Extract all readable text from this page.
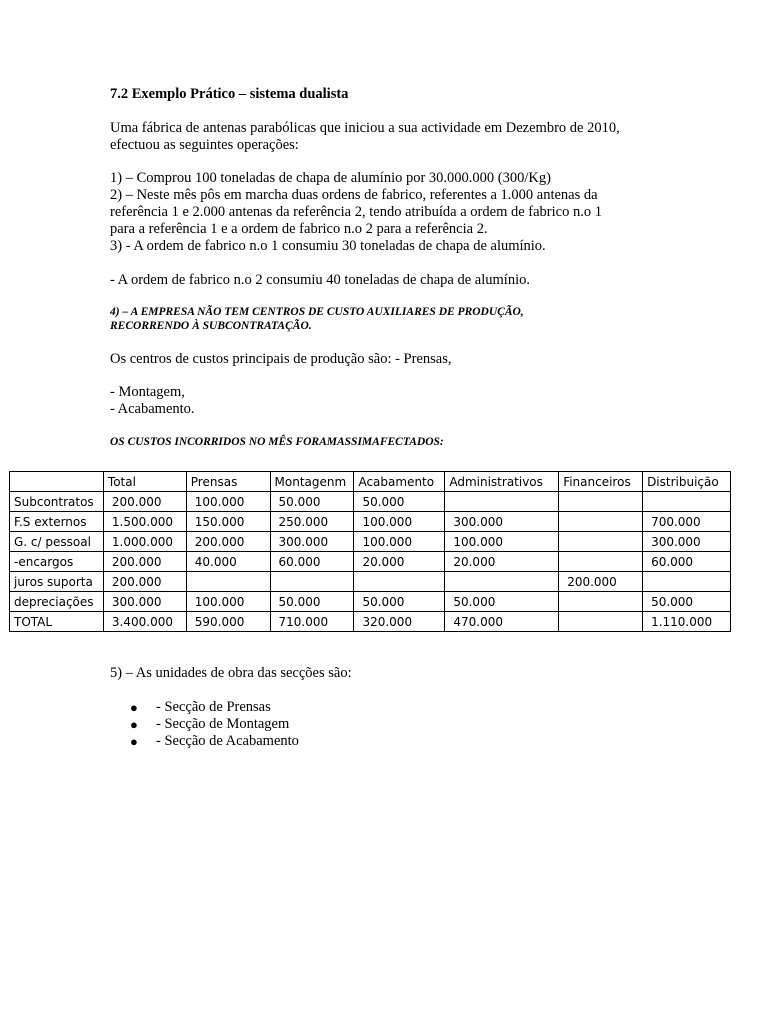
7.2 Exemplo Prático – sistema dualista
Uma fábrica de antenas parabólicas que iniciou a sua actividade em Dezembro de 2010,
efectuou as seguintes operações:
1) – Comprou 100 toneladas de chapa de alumínio por 30.000.000 (300/Kg)
2) – Neste mês pôs em marcha duas ordens de fabrico, referentes a 1.000 antenas da
referência 1 e 2.000 antenas da referência 2, tendo atribuída a ordem de fabrico n.o 1
para a referência 1 e a ordem de fabrico n.o 2 para a referência 2.
3) - A ordem de fabrico n.o 1 consumiu 30 toneladas de chapa de alumínio.
- A ordem de fabrico n.o 2 consumiu 40 toneladas de chapa de alumínio.
4) – A EMPRESA NÃO TEM CENTROS DE CUSTO AUXILIARES DE PRODUÇÃO,
RECORRENDO À SUBCONTRATAÇÃO.
Os centros de custos principais de produção são: - Prensas,
- Montagem,
- Acabamento.
OS CUSTOS INCORRIDOS NO MÊS FORAMASSIMAFECTADOS:
	Total	Prensas	Montagenm	Acabamento	Administrativos	Financeiros	Distribuição
Subcontratos	200.000	100.000	50.000	50.000			
F.S externos	1.500.000	150.000	250.000	100.000	300.000		700.000
G. c/ pessoal	1.000.000	200.000	300.000	100.000	100.000		300.000
-encargos	200.000	40.000	60.000	20.000	20.000		60.000
juros suporta	200.000					200.000	
depreciações	300.000	100.000	50.000	50.000	50.000		50.000
TOTAL	3.400.000	590.000	710.000	320.000	470.000		1.110.000
5) – As unidades de obra das secções são:
● - Secção de Prensas
● - Secção de Montagem
● - Secção de Acabamento
